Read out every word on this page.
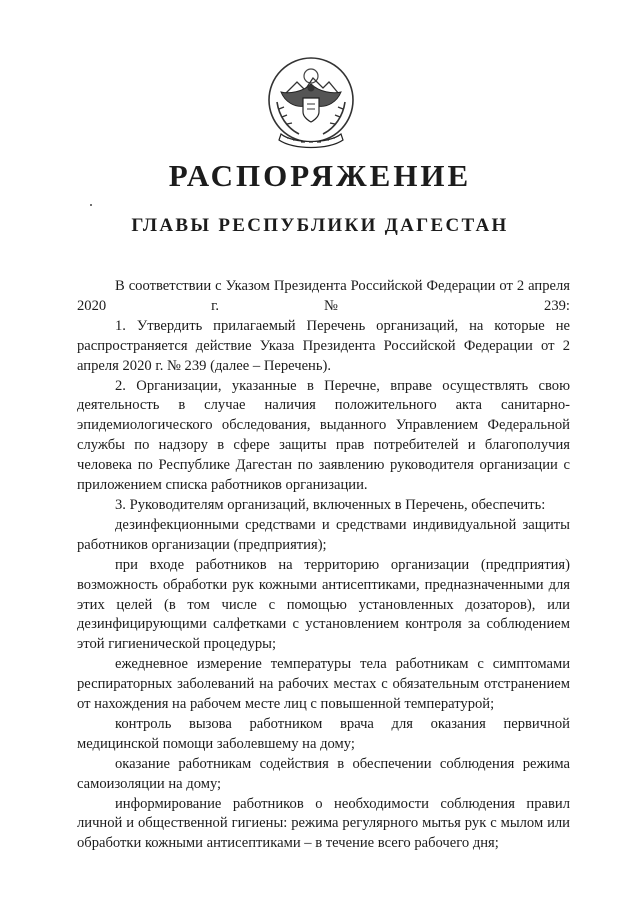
РАСПОРЯЖЕНИЕ
ГЛАВЫ РЕСПУБЛИКИ ДАГЕСТАН

В соответствии с Указом Президента Российской Федерации от 2 апреля 2020 г. № 239:

1. Утвердить прилагаемый Перечень организаций, на которые не распространяется действие Указа Президента Российской Федерации от 2 апреля 2020 г. № 239 (далее – Перечень).

2. Организации, указанные в Перечне, вправе осуществлять свою деятельность в случае наличия положительного акта санитарно-эпидемиологического обследования, выданного Управлением Федеральной службы по надзору в сфере защиты прав потребителей и благополучия человека по Республике Дагестан по заявлению руководителя организации с приложением списка работников организации.

3. Руководителям организаций, включенных в Перечень, обеспечить:

дезинфекционными средствами и средствами индивидуальной защиты работников организации (предприятия);

при входе работников на территорию организации (предприятия) возможность обработки рук кожными антисептиками, предназначенными для этих целей (в том числе с помощью установленных дозаторов), или дезинфицирующими салфетками с установлением контроля за соблюдением этой гигиенической процедуры;

ежедневное измерение температуры тела работникам с симптомами респираторных заболеваний на рабочих местах с обязательным отстранением от нахождения на рабочем месте лиц с повышенной температурой;

контроль вызова работником врача для оказания первичной медицинской помощи заболевшему на дому;

оказание работникам содействия в обеспечении соблюдения режима самоизоляции на дому;

информирование работников о необходимости соблюдения правил личной и общественной гигиены: режима регулярного мытья рук с мылом или обработки кожными антисептиками – в течение всего рабочего дня;
